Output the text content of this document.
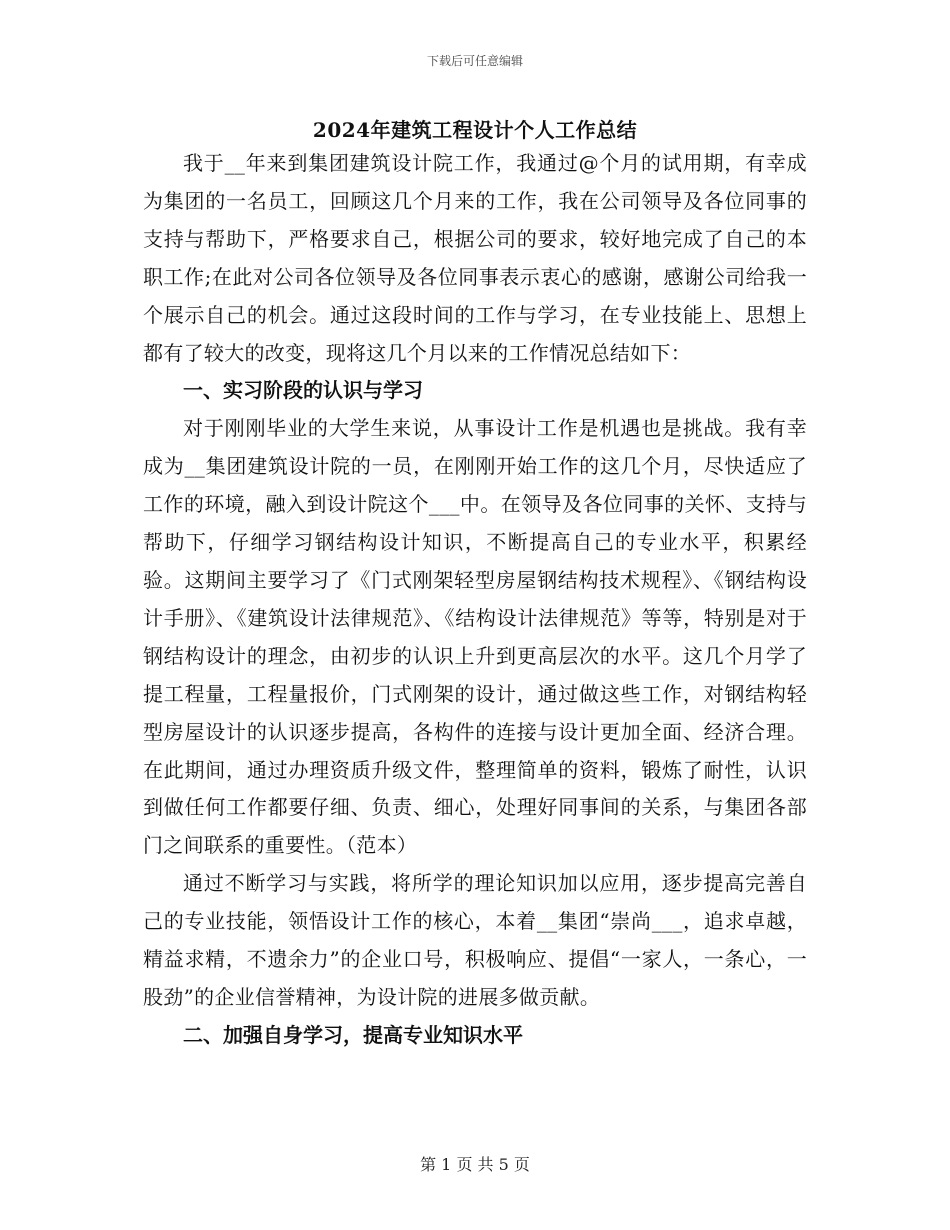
下载后可任意编辑
2024年建筑工程设计个人工作总结

我于__年来到集团建筑设计院工作，我通过@个月的试用期，有幸成为集团的一名员工，回顾这几个月来的工作，我在公司领导及各位同事的支持与帮助下，严格要求自己，根据公司的要求，较好地完成了自己的本职工作;在此对公司各位领导及各位同事表示衷心的感谢，感谢公司给我一个展示自己的机会。通过这段时间的工作与学习，在专业技能上、思想上都有了较大的改变，现将这几个月以来的工作情况总结如下：

一、实习阶段的认识与学习

对于刚刚毕业的大学生来说，从事设计工作是机遇也是挑战。我有幸成为__集团建筑设计院的一员，在刚刚开始工作的这几个月，尽快适应了工作的环境，融入到设计院这个___中。在领导及各位同事的关怀、支持与帮助下，仔细学习钢结构设计知识，不断提高自己的专业水平，积累经验。这期间主要学习了《门式刚架轻型房屋钢结构技术规程》、《钢结构设计手册》、《建筑设计法律规范》、《结构设计法律规范》等等，特别是对于钢结构设计的理念，由初步的认识上升到更高层次的水平。这几个月学了提工程量，工程量报价，门式刚架的设计，通过做这些工作，对钢结构轻型房屋设计的认识逐步提高，各构件的连接与设计更加全面、经济合理。在此期间，通过办理资质升级文件，整理简单的资料，锻炼了耐性，认识到做任何工作都要仔细、负责、细心，处理好同事间的关系，与集团各部门之间联系的重要性。（范本）

通过不断学习与实践，将所学的理论知识加以应用，逐步提高完善自己的专业技能，领悟设计工作的核心，本着__集团“崇尚___，追求卓越，精益求精，不遗余力”的企业口号，积极响应、提倡“一家人，一条心，一股劲”的企业信誉精神，为设计院的进展多做贡献。

二、加强自身学习，提高专业知识水平

第 1 页 共 5 页
